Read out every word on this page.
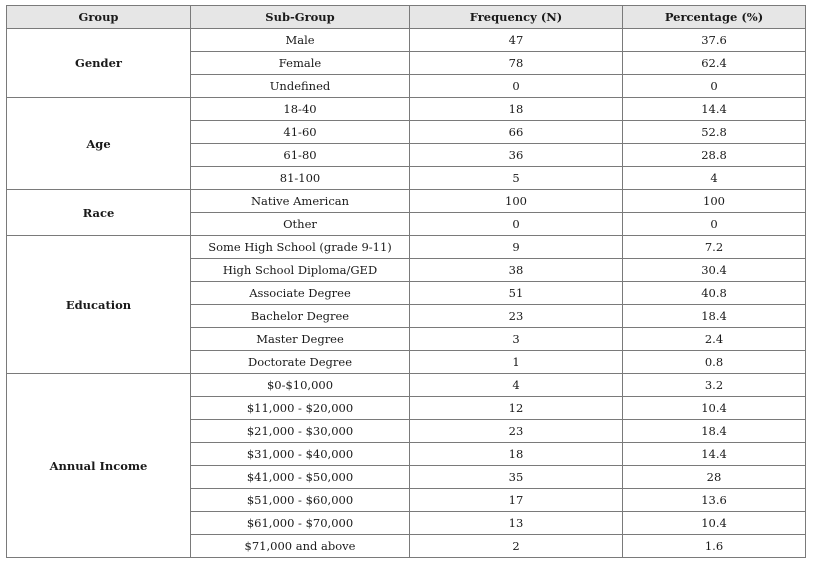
Group	Sub-Group	Frequency (N)	Percentage (%)
Gender	Male	47	37.6
	Female	78	62.4
	Undefined	0	0
Age	18-40	18	14.4
	41-60	66	52.8
	61-80	36	28.8
	81-100	5	4
Race	Native American	100	100
	Other	0	0
Education	Some High School (grade 9-11)	9	7.2
	High School Diploma/GED	38	30.4
	Associate Degree	51	40.8
	Bachelor Degree	23	18.4
	Master Degree	3	2.4
	Doctorate Degree	1	0.8
Annual Income	$0-$10,000	4	3.2
	$11,000 - $20,000	12	10.4
	$21,000 - $30,000	23	18.4
	$31,000 - $40,000	18	14.4
	$41,000 - $50,000	35	28
	$51,000 - $60,000	17	13.6
	$61,000 - $70,000	13	10.4
	$71,000 and above	2	1.6
